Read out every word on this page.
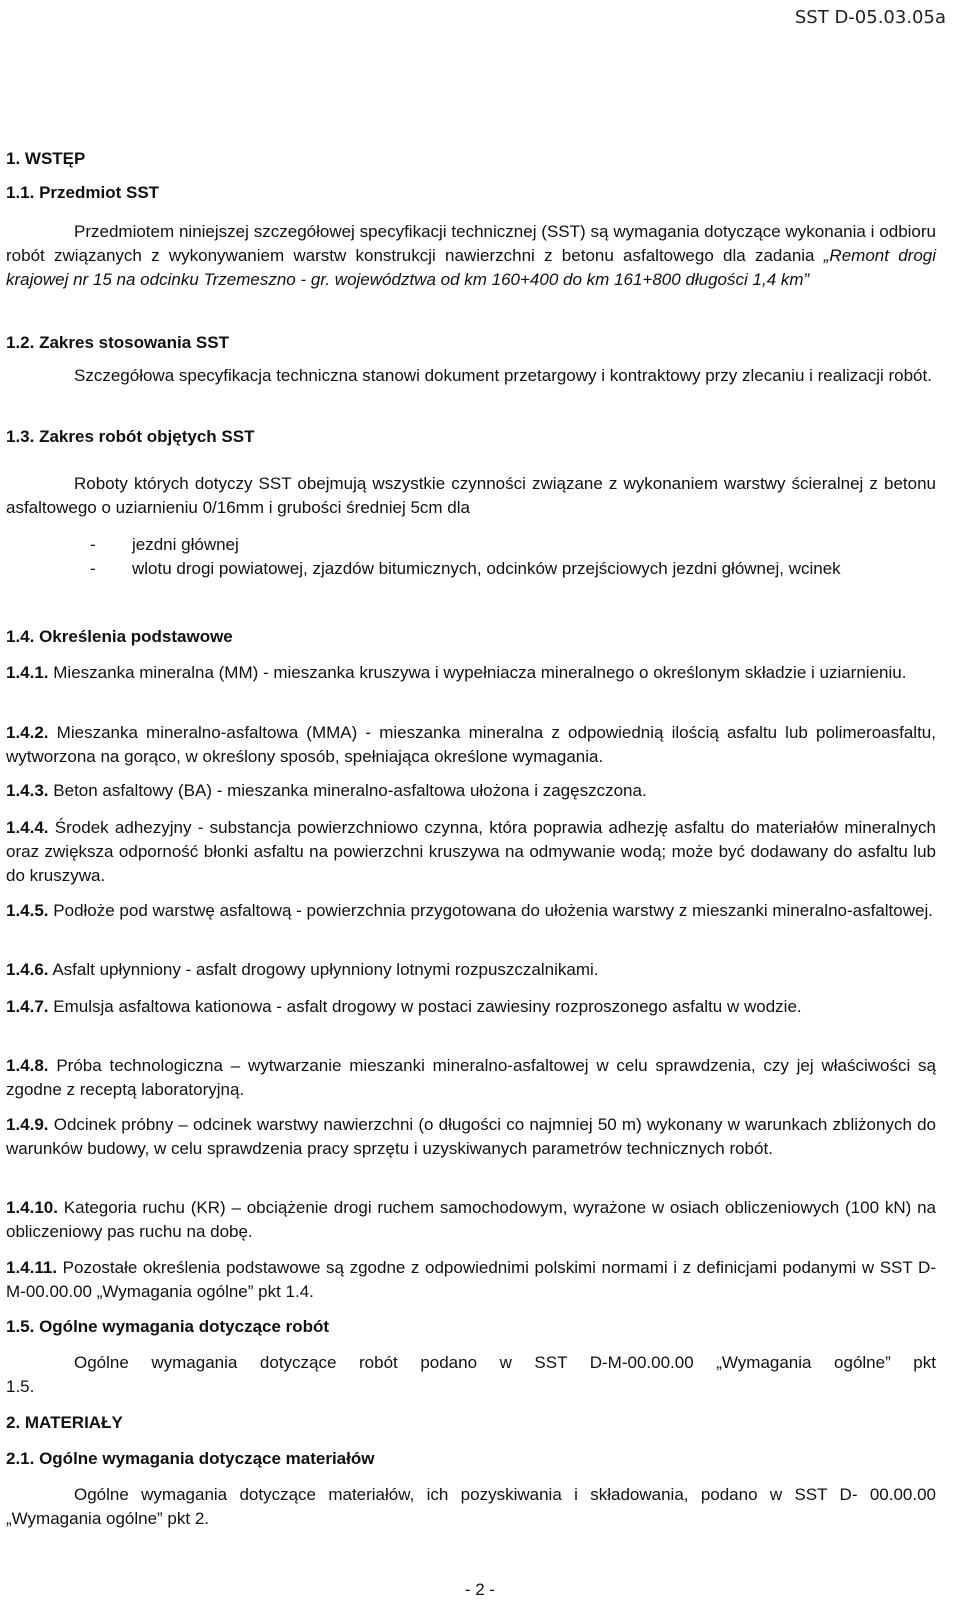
SST D-05.03.05a
1. WSTĘP
1.1. Przedmiot SST
Przedmiotem niniejszej szczegółowej specyfikacji technicznej (SST) są wymagania dotyczące wykonania i odbioru robót związanych z wykonywaniem warstw konstrukcji nawierzchni z betonu asfaltowego dla zadania „Remont drogi krajowej nr 15 na odcinku Trzemeszno - gr. województwa od km 160+400 do km 161+800 długości 1,4 km”
1.2. Zakres stosowania SST
Szczegółowa specyfikacja techniczna stanowi dokument przetargowy i kontraktowy przy zlecaniu i realizacji robót.
1.3. Zakres robót objętych SST
Roboty których dotyczy SST obejmują wszystkie czynności związane z wykonaniem warstwy ścieralnej z betonu asfaltowego o uziarnieniu 0/16mm i grubości średniej 5cm dla
- jezdni głównej
- wlotu drogi powiatowej, zjazdów bitumicznych, odcinków przejściowych jezdni głównej, wcinek
1.4. Określenia podstawowe
1.4.1. Mieszanka mineralna (MM) - mieszanka kruszywa i wypełniacza mineralnego o określonym składzie i uziarnieniu.
1.4.2. Mieszanka mineralno-asfaltowa (MMA) - mieszanka mineralna z odpowiednią ilością asfaltu lub polimeroasfaltu, wytworzona na gorąco, w określony sposób, spełniająca określone wymagania.
1.4.3. Beton asfaltowy (BA) - mieszanka mineralno-asfaltowa ułożona i zagęszczona.
1.4.4. Środek adhezyjny - substancja powierzchniowo czynna, która poprawia adhezję asfaltu do materiałów mineralnych oraz zwiększa odporność błonki asfaltu na powierzchni kruszywa na odmywanie wodą; może być dodawany do asfaltu lub do kruszywa.
1.4.5. Podłoże pod warstwę asfaltową - powierzchnia przygotowana do ułożenia warstwy z mieszanki mineralno-asfaltowej.
1.4.6. Asfalt upłynniony - asfalt drogowy upłynniony lotnymi rozpuszczalnikami.
1.4.7. Emulsja asfaltowa kationowa - asfalt drogowy w postaci zawiesiny rozproszonego asfaltu w wodzie.
1.4.8. Próba technologiczna – wytwarzanie mieszanki mineralno-asfaltowej w celu sprawdzenia, czy jej właściwości są zgodne z receptą laboratoryjną.
1.4.9. Odcinek próbny – odcinek warstwy nawierzchni (o długości co najmniej 50 m) wykonany w warunkach zbliżonych do warunków budowy, w celu sprawdzenia pracy sprzętu i uzyskiwanych parametrów technicznych robót.
1.4.10. Kategoria ruchu (KR) – obciążenie drogi ruchem samochodowym, wyrażone w osiach obliczeniowych (100 kN) na obliczeniowy pas ruchu na dobę.
1.4.11. Pozostałe określenia podstawowe są zgodne z odpowiednimi polskimi normami i z definicjami podanymi w SST D-M-00.00.00 „Wymagania ogólne” pkt 1.4.
1.5. Ogólne wymagania dotyczące robót
Ogólne wymagania dotyczące robót podano w SST D-M-00.00.00 „Wymagania ogólne” pkt
1.5.
2. MATERIAŁY
2.1. Ogólne wymagania dotyczące materiałów
Ogólne wymagania dotyczące materiałów, ich pozyskiwania i składowania, podano w SST D- 00.00.00 „Wymagania ogólne” pkt 2.
- 2 -
